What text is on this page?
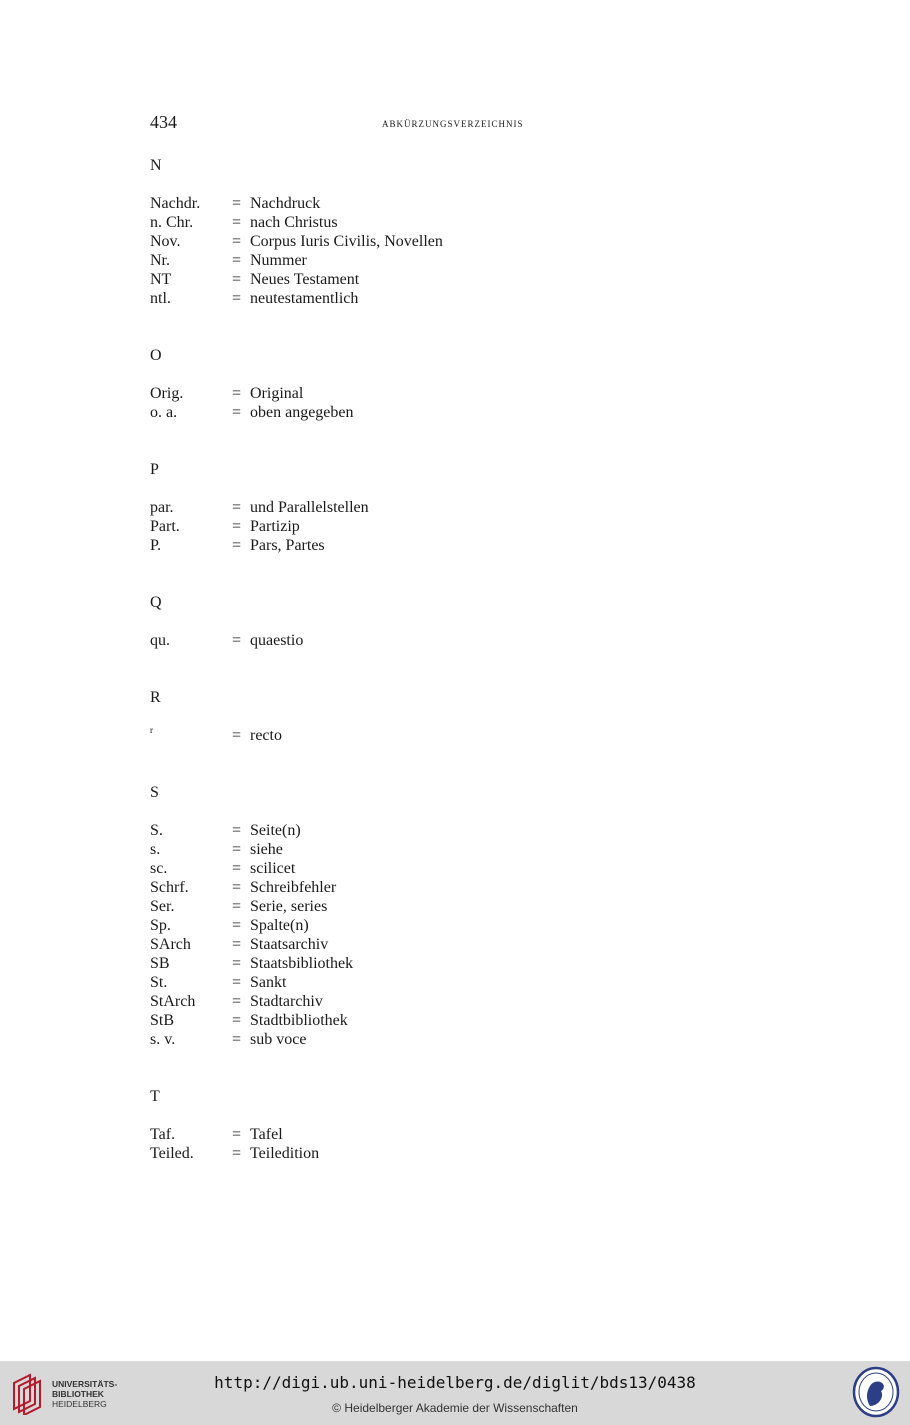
434	abkürzungsverzeichnis
N
Nachdr.	= Nachdruck
n. Chr.	= nach Christus
Nov.	= Corpus Iuris Civilis, Novellen
Nr.	= Nummer
NT	= Neues Testament
ntl.	= neutestamentlich
O
Orig.	= Original
o. a.	= oben angegeben
P
par.	= und Parallelstellen
Part.	= Partizip
P.	= Pars, Partes
Q
qu.	= quaestio
R
r	= recto
S
S.	= Seite(n)
s.	= siehe
sc.	= scilicet
Schrf.	= Schreibfehler
Ser.	= Serie, series
Sp.	= Spalte(n)
SArch	= Staatsarchiv
SB	= Staatsbibliothek
St.	= Sankt
StArch	= Stadtarchiv
StB	= Stadtbibliothek
s. v.	= sub voce
T
Taf.	= Tafel
Teiled.	= Teiledition
UNIVERSITÄTS-
BIBLIOTHEK
HEIDELBERG
http://digi.ub.uni-heidelberg.de/diglit/bds13/0438
© Heidelberger Akademie der Wissenschaften
